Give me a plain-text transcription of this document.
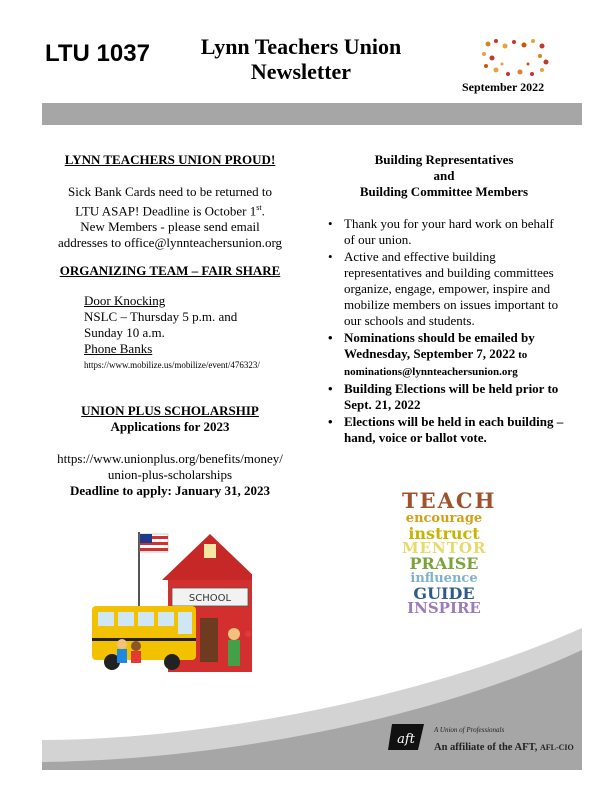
LTU 1037	Lynn Teachers Union
Newsletter
September 2022

LYNN TEACHERS UNION PROUD!

Sick Bank Cards need to be returned to

LTU ASAP! Deadline is October 1st.

New Members - please send email

addresses to office@lynnteachersunion.org

ORGANIZING TEAM – FAIR SHARE

Door Knocking

NSLC – Thursday 5 p.m. and

Sunday 10 a.m.

Phone Banks

https://www.mobilize.us/mobilize/event/476323/

UNION PLUS SCHOLARSHIP

Applications for 2023

https://www.unionplus.org/benefits/money/

union-plus-scholarships

Deadline to apply: January 31, 2023

SCHOOL
Building Representatives
and
Building Committee Members
• Thank you for your hard work on behalf of our union.
• Active and effective building representatives and building committees organize, engage, empower, inspire and mobilize members on issues important to our schools and students.
• Nominations should be emailed by Wednesday, September 7, 2022 to nominations@lynnteachersunion.org
• Building Elections will be held prior to Sept. 21, 2022
• Elections will be held in each building – hand, voice or ballot vote.
TEACH
encourage
instruct
MENTOR
PRAISE
influence
GUIDE
INSPIRE
aft
A Union of Professionals
An affiliate of the AFT, AFL-CIO
